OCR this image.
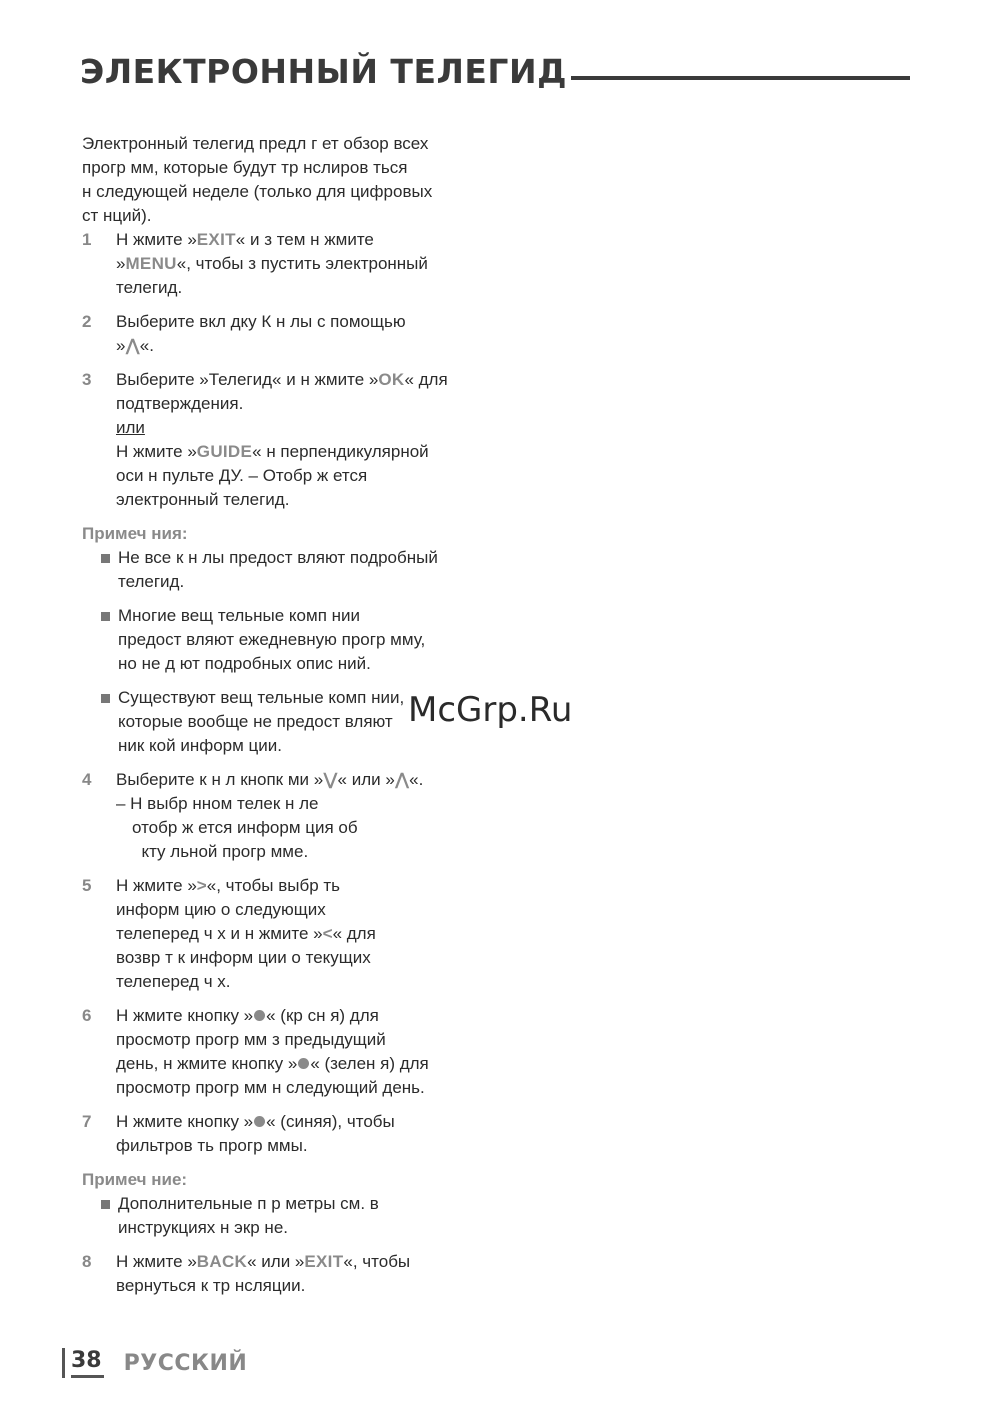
ЭЛЕКТРОННЫЙ ТЕЛЕГИД

Электронный телегид предл г ет обзор всех
прогр мм, которые будут тр нслиров ться
н следующей неделе (только для цифровых
ст нций).

1 Н жмите »EXIT« и з тем н жмите
»MENU«, чтобы з пустить электронный
телегид.

2 Выберите вкл дку К н лы с помощью
»⋀«.

3 Выберите »Телегид« и н жмите »OK« для
подтверждения.

или

Н жмите »GUIDE« н перпендикулярной
оси н пульте ДУ. – Отобр ж ется
электронный телегид.

Примеч ния:

Не все к н лы предост вляют подробный
телегид.

Многие вещ тельные комп нии
предост вляют ежедневную прогр мму,
но не д ют подробных опис ний.

Существуют вещ тельные комп нии,
которые вообще не предост вляют
ник кой информ ции.

4 Выберите к н л кнопк ми »⋁« или »⋀«.

– Н выбр нном телек н ле
отобр ж ется информ ция об
кту льной прогр мме.

5 Н жмите »>«, чтобы выбр ть
информ цию о следующих
телеперед ч х и н жмите »<« для
возвр т к информ ции о текущих
телеперед ч х.

6 Н жмите кнопку » « (кр сн я) для
просмотр прогр мм з предыдущий
день, н жмите кнопку » « (зелен я) для
просмотр прогр мм н следующий день.

7 Н жмите кнопку » « (синяя), чтобы
фильтров ть прогр ммы.

Примеч ние:

Дополнительные п р метры см. в
инструкциях н экр не.

8 Н жмите »BACK« или »EXIT«, чтобы
вернуться к тр нсляции.

McGrp.Ru
38 РУССКИЙ
